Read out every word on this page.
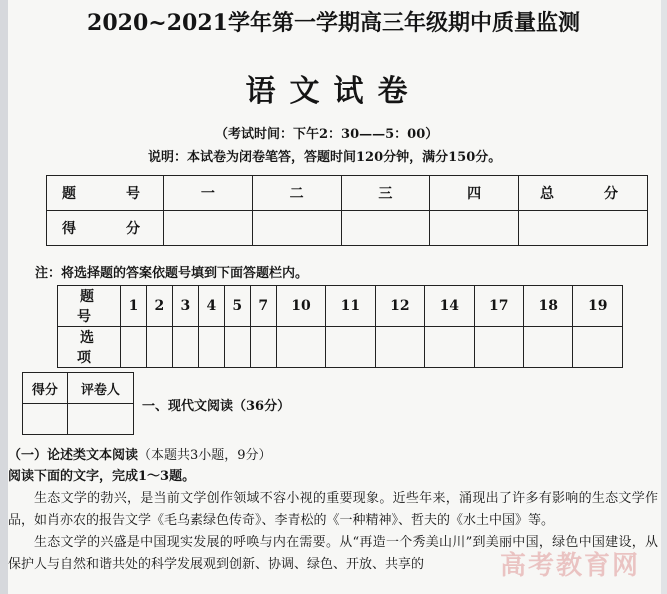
2020~2021学年第一学期高三年级期中质量监测
语文试卷
（考试时间：下午2：30——5：00）
说明：本试卷为闭卷笔答，答题时间120分钟，满分150分。
题　号	一	二	三	四	总　分
得　分					
注：将选择题的答案依题号填到下面答题栏内。
题　号	1	2	3	4	5	7	10	11	12	14	17	18	19
选　项													
得分	评卷人

一、现代文阅读（36分）
（一）论述类文本阅读（本题共3小题，9分）
阅读下面的文字，完成1～3题。

生态文学的勃兴，是当前文学创作领域不容小视的重要现象。近些年来，涌现出了许多有影响的生态文学作品，如肖亦农的报告文学《毛乌素绿色传奇》、李青松的《一种精神》、哲夫的《水土中国》等。

生态文学的兴盛是中国现实发展的呼唤与内在需要。从“再造一个秀美山川”到美丽中国，绿色中国建设，从保护人与自然和谐共处的科学发展观到创新、协调、绿色、开放、共享的	高考教育网
